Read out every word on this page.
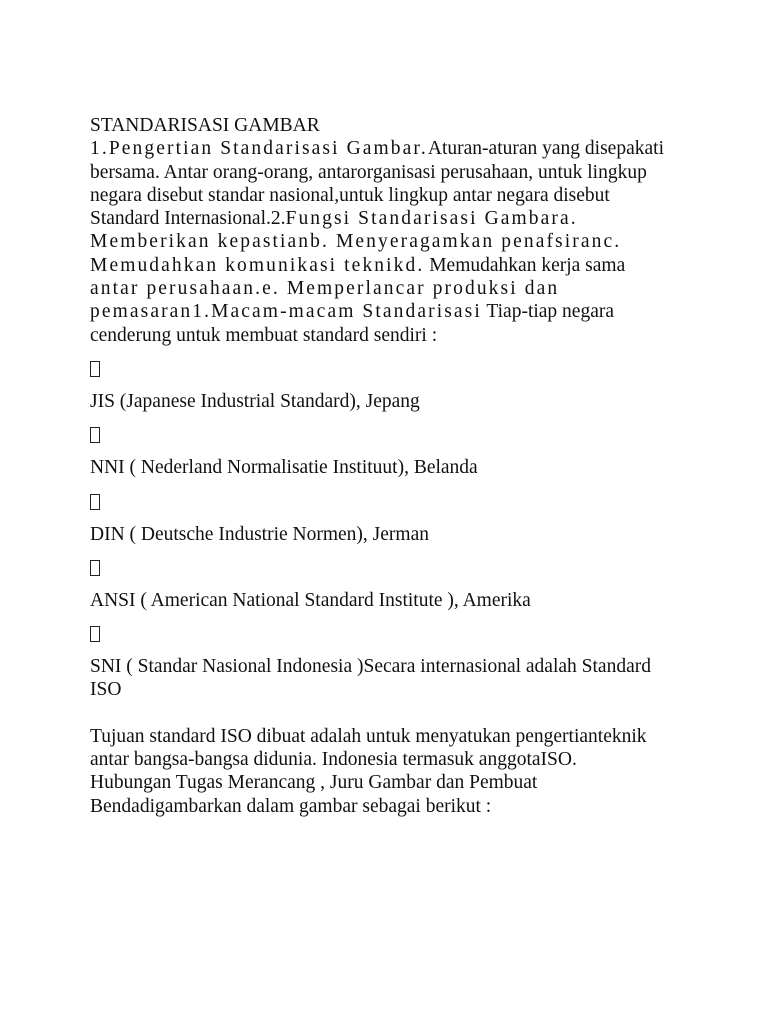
STANDARISASI GAMBAR
1.Pengertian Standarisasi Gambar.Aturan-aturan yang disepakati
bersama. Antar orang-orang, antarorganisasi perusahaan, untuk lingkup
negara disebut standar nasional,untuk lingkup antar negara disebut
Standard Internasional.2.Fungsi Standarisasi Gambara.
Memberikan kepastianb. Menyeragamkan penafsiranc.
Memudahkan komunikasi teknikd. Memudahkan kerja sama
antar perusahaan.e. Memperlancar produksi dan
pemasaran1.Macam-macam Standarisasi Tiap-tiap negara
cenderung untuk membuat standard sendiri :
JIS (Japanese Industrial Standard), Jepang
NNI ( Nederland Normalisatie Instituut), Belanda
DIN ( Deutsche Industrie Normen), Jerman
ANSI ( American National Standard Institute ), Amerika
SNI ( Standar Nasional Indonesia )Secara internasional adalah Standard
ISO
Tujuan standard ISO dibuat adalah untuk menyatukan pengertianteknik
antar bangsa-bangsa didunia. Indonesia termasuk anggotaISO.
Hubungan Tugas Merancang , Juru Gambar dan Pembuat
Bendadigambarkan dalam gambar sebagai berikut :
